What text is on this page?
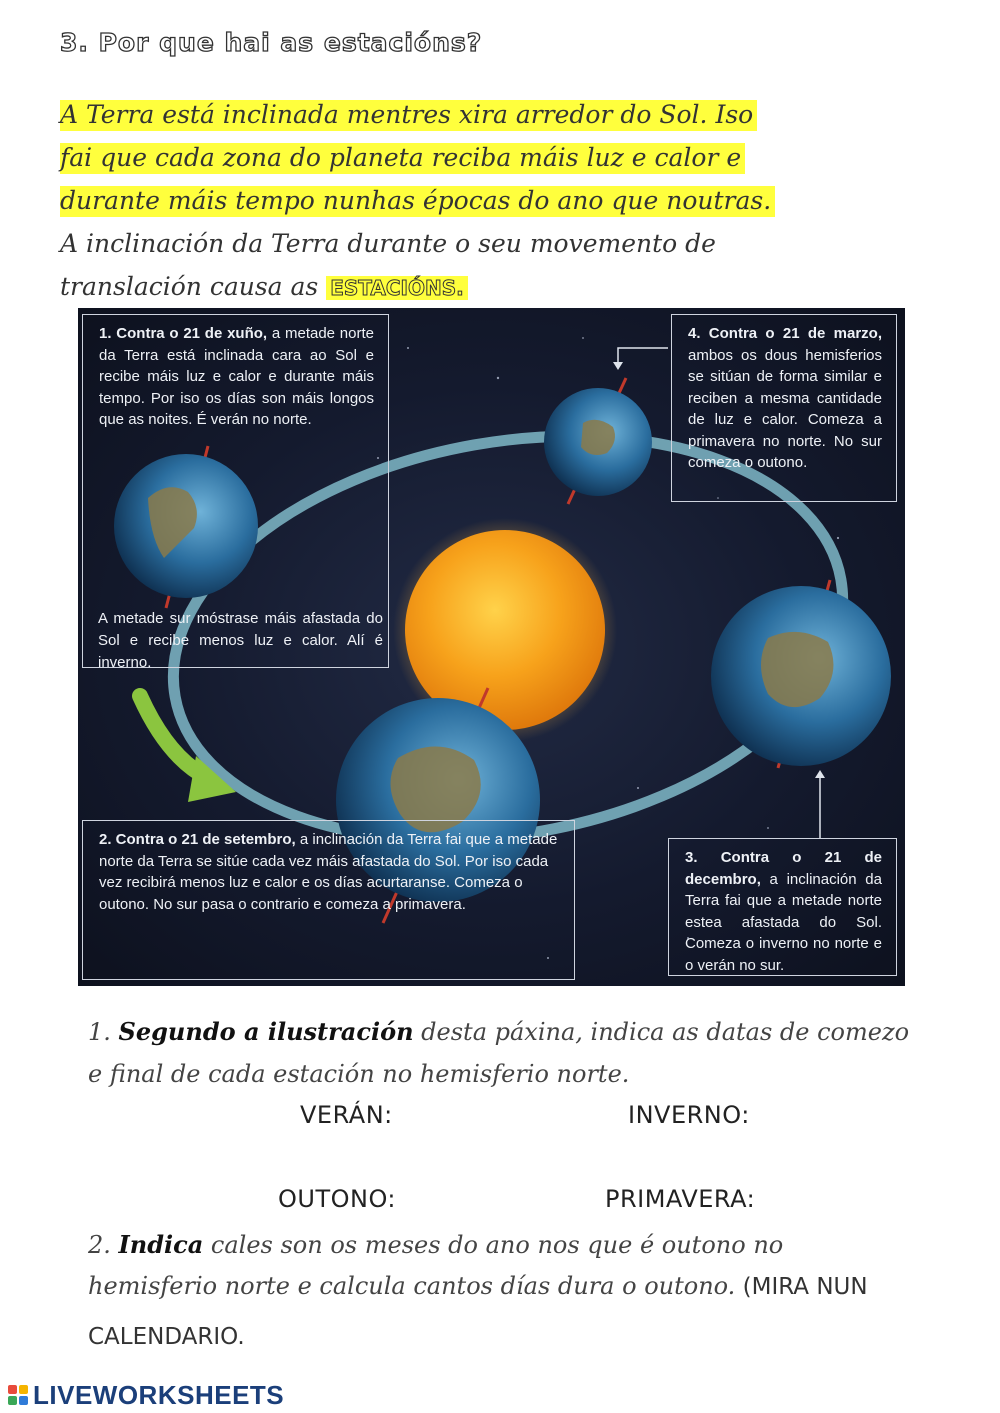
3. Por que hai as estacións?
A Terra está inclinada mentres xira arredor do Sol. Iso
fai que cada zona do planeta reciba máis luz e calor e
durante máis tempo nunhas épocas do ano que noutras.
A inclinación da Terra durante o seu movemento de
translación causa as ESTACIÓNS.
1. Contra o 21 de xuño, a metade norte da Terra está inclinada cara ao Sol e recibe máis luz e calor e durante máis tempo. Por iso os días son máis longos que as noites. É verán no norte.
A metade sur móstrase máis afastada do Sol e recibe menos luz e calor. Alí é inverno.
4. Contra o 21 de marzo, ambos os dous hemisferios se sitúan de forma similar e reciben a mesma cantidade de luz e calor. Comeza a primavera no norte. No sur comeza o outono.
2. Contra o 21 de setembro, a inclinación da Terra fai que a metade norte da Terra se sitúe cada vez máis afastada do Sol. Por iso cada vez recibirá menos luz e calor e os días acurtaranse. Comeza o outono. No sur pasa o contrario e comeza a primavera.
3. Contra o 21 de decembro, a inclinación da Terra fai que a metade norte estea afastada do Sol. Comeza o inverno no norte e o verán no sur.
1. Segundo a ilustración desta páxina, indica as datas de comezo
e final de cada estación no hemisferio norte.
VERÁN:	INVERNO:
OUTONO:	PRIMAVERA:
2. Indica cales son os meses do ano nos que é outono no
hemisferio norte e calcula cantos días dura o outono. (MIRA NUN
CALENDARIO.
LIVEWORKSHEETS
